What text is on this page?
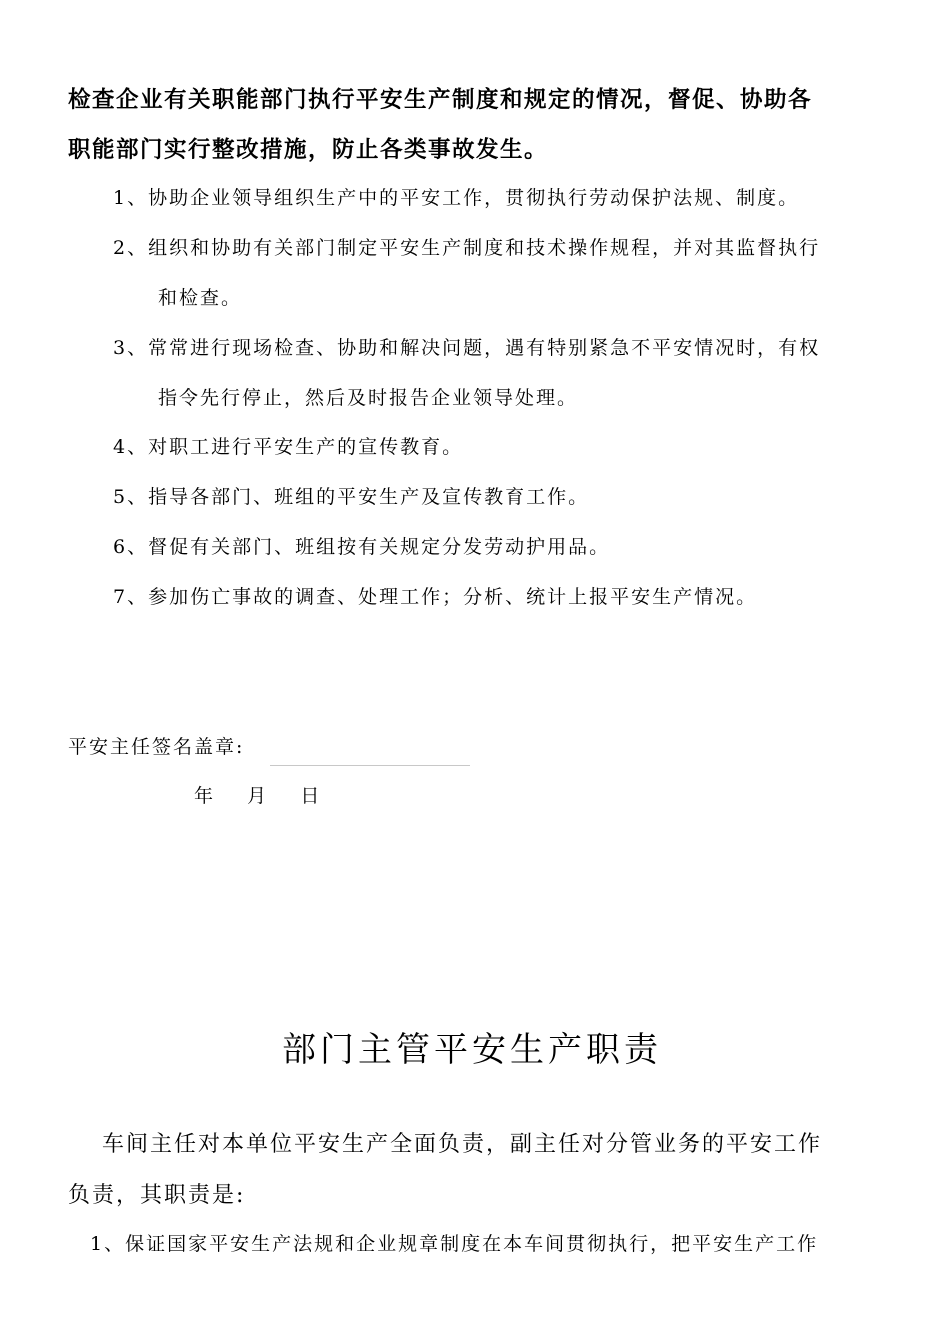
检查企业有关职能部门执行平安生产制度和规定的情况，督促、协助各
职能部门实行整改措施，防止各类事故发生。
1、协助企业领导组织生产中的平安工作，贯彻执行劳动保护法规、制度。
2、组织和协助有关部门制定平安生产制度和技术操作规程，并对其监督执行
和检查。
3、常常进行现场检查、协助和解决问题，遇有特别紧急不平安情况时，有权
指令先行停止，然后及时报告企业领导处理。
4、对职工进行平安生产的宣传教育。
5、指导各部门、班组的平安生产及宣传教育工作。
6、督促有关部门、班组按有关规定分发劳动护用品。
7、参加伤亡事故的调查、处理工作；分析、统计上报平安生产情况。
平安主任签名盖章:
年    月    日
部门主管平安生产职责
车间主任对本单位平安生产全面负责，副主任对分管业务的平安工作
负责，其职责是:
1、保证国家平安生产法规和企业规章制度在本车间贯彻执行，把平安生产工作
